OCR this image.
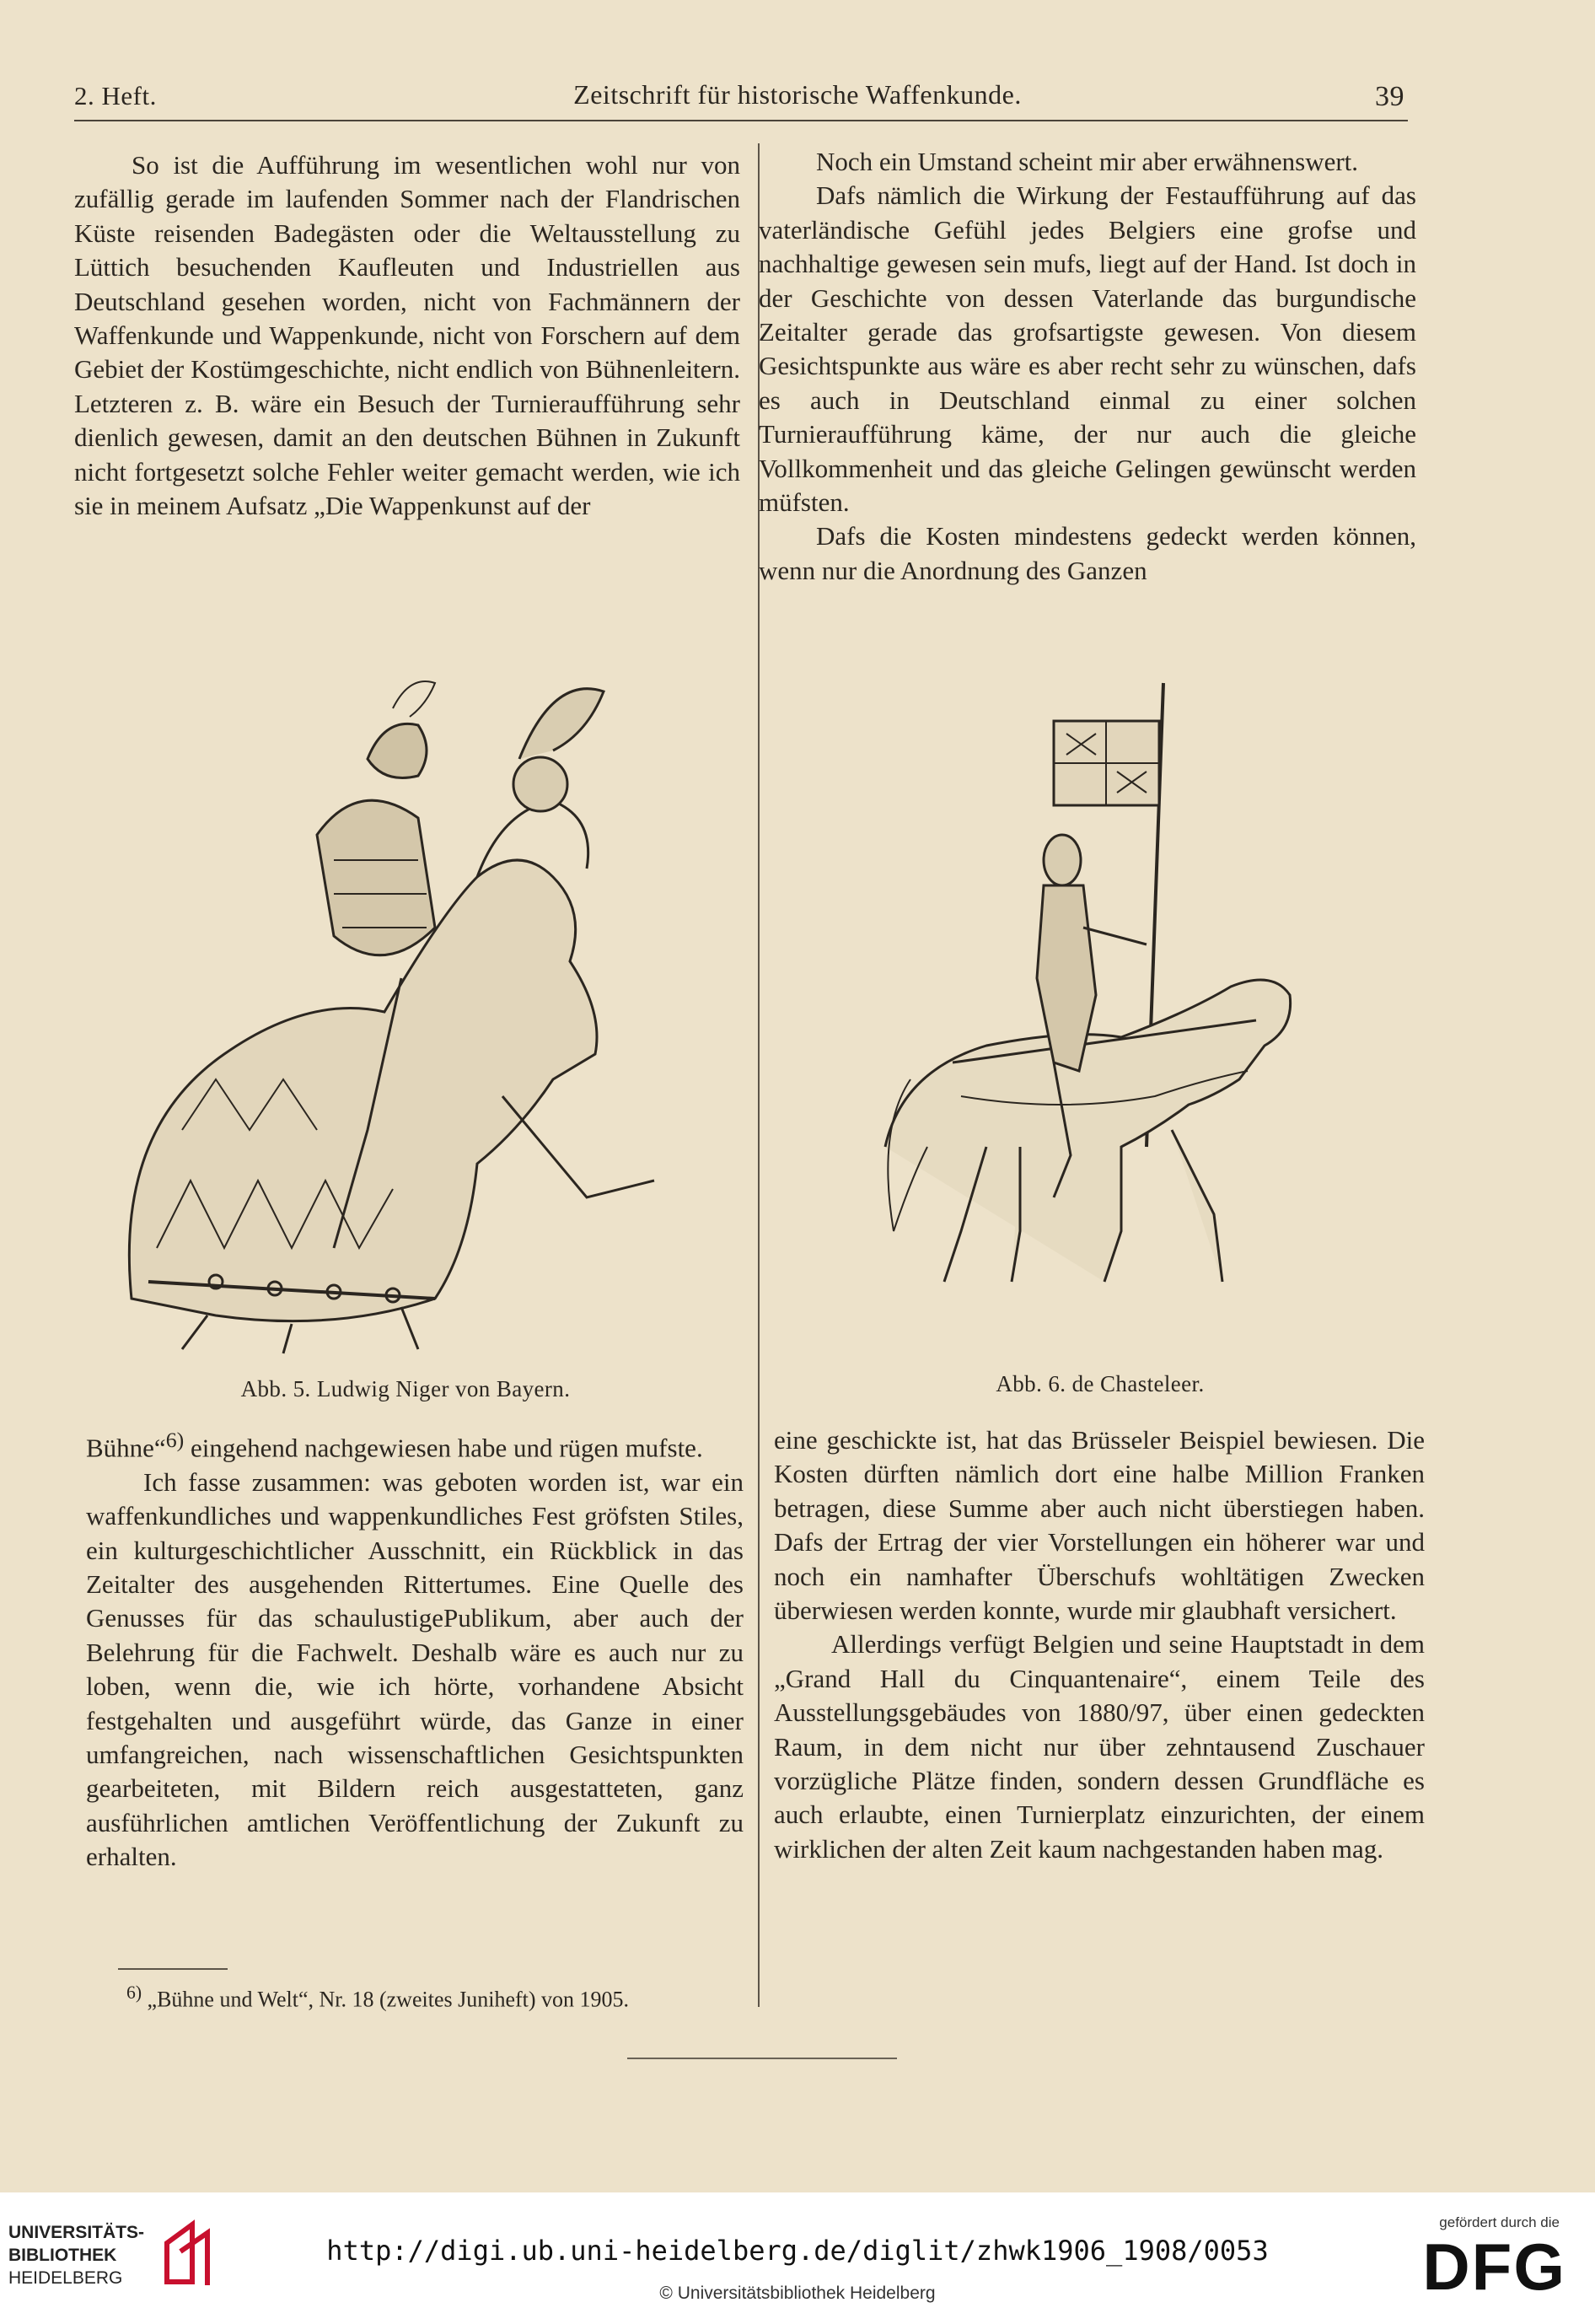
2. Heft.	Zeitschrift für historische Waffenkunde.	39

So ist die Aufführung im wesentlichen wohl nur von zufällig gerade im laufenden Sommer nach der Flandrischen Küste reisenden Badegästen oder die Weltausstellung zu Lüttich besuchenden Kaufleuten und Industriellen aus Deutschland gesehen worden, nicht von Fachmännern der Waffenkunde und Wappenkunde, nicht von Forschern auf dem Gebiet der Kostümgeschichte, nicht endlich von Bühnenleitern. Letzteren z. B. wäre ein Besuch der Turnieraufführung sehr dienlich gewesen, damit an den deutschen Bühnen in Zukunft nicht fortgesetzt solche Fehler weiter gemacht werden, wie ich sie in meinem Aufsatz „Die Wappenkunst auf der

Noch ein Umstand scheint mir aber erwähnenswert.

Dafs nämlich die Wirkung der Festaufführung auf das vaterländische Gefühl jedes Belgiers eine grofse und nachhaltige gewesen sein mufs, liegt auf der Hand. Ist doch in der Geschichte von dessen Vaterlande das burgundische Zeitalter gerade das grofsartigste gewesen. Von diesem Gesichtspunkte aus wäre es aber recht sehr zu wünschen, dafs es auch in Deutschland einmal zu einer solchen Turnieraufführung käme, der nur auch die gleiche Vollkommenheit und das gleiche Gelingen gewünscht werden müfsten.

Dafs die Kosten mindestens gedeckt werden können, wenn nur die Anordnung des Ganzen

Abb. 5. Ludwig Niger von Bayern.	Abb. 6. de Chasteleer.

Bühne“$^{6)}$ eingehend nachgewiesen habe und rügen mufste.

Ich fasse zusammen: was geboten worden ist, war ein waffenkundliches und wappenkundliches Fest gröfsten Stiles, ein kulturgeschichtlicher Ausschnitt, ein Rückblick in das Zeitalter des ausgehenden Rittertumes. Eine Quelle des Genusses für das schaulustigePublikum, aber auch der Belehrung für die Fachwelt. Deshalb wäre es auch nur zu loben, wenn die, wie ich hörte, vorhandene Absicht festgehalten und ausgeführt würde, das Ganze in einer umfangreichen, nach wissenschaftlichen Gesichtspunkten gearbeiteten, mit Bildern reich ausgestatteten, ganz ausführlichen amtlichen Veröffentlichung der Zukunft zu erhalten.

$^{6)}$ „Bühne und Welt“, Nr. 18 (zweites Juniheft) von 1905.

eine geschickte ist, hat das Brüsseler Beispiel bewiesen. Die Kosten dürften nämlich dort eine halbe Million Franken betragen, diese Summe aber auch nicht überstiegen haben. Dafs der Ertrag der vier Vorstellungen ein höherer war und noch ein namhafter Überschufs wohltätigen Zwecken überwiesen werden konnte, wurde mir glaubhaft versichert.

Allerdings verfügt Belgien und seine Hauptstadt in dem „Grand Hall du Cinquantenaire“, einem Teile des Ausstellungsgebäudes von 1880/97, über einen gedeckten Raum, in dem nicht nur über zehntausend Zuschauer vorzügliche Plätze finden, sondern dessen Grundfläche es auch erlaubte, einen Turnierplatz einzurichten, der einem wirklichen der alten Zeit kaum nachgestanden haben mag.

UNIVERSITÄTS-
BIBLIOTHEK
HEIDELBERG
http://digi.ub.uni-heidelberg.de/diglit/zhwk1906_1908/0053
© Universitätsbibliothek Heidelberg
gefördert durch die
DFG
